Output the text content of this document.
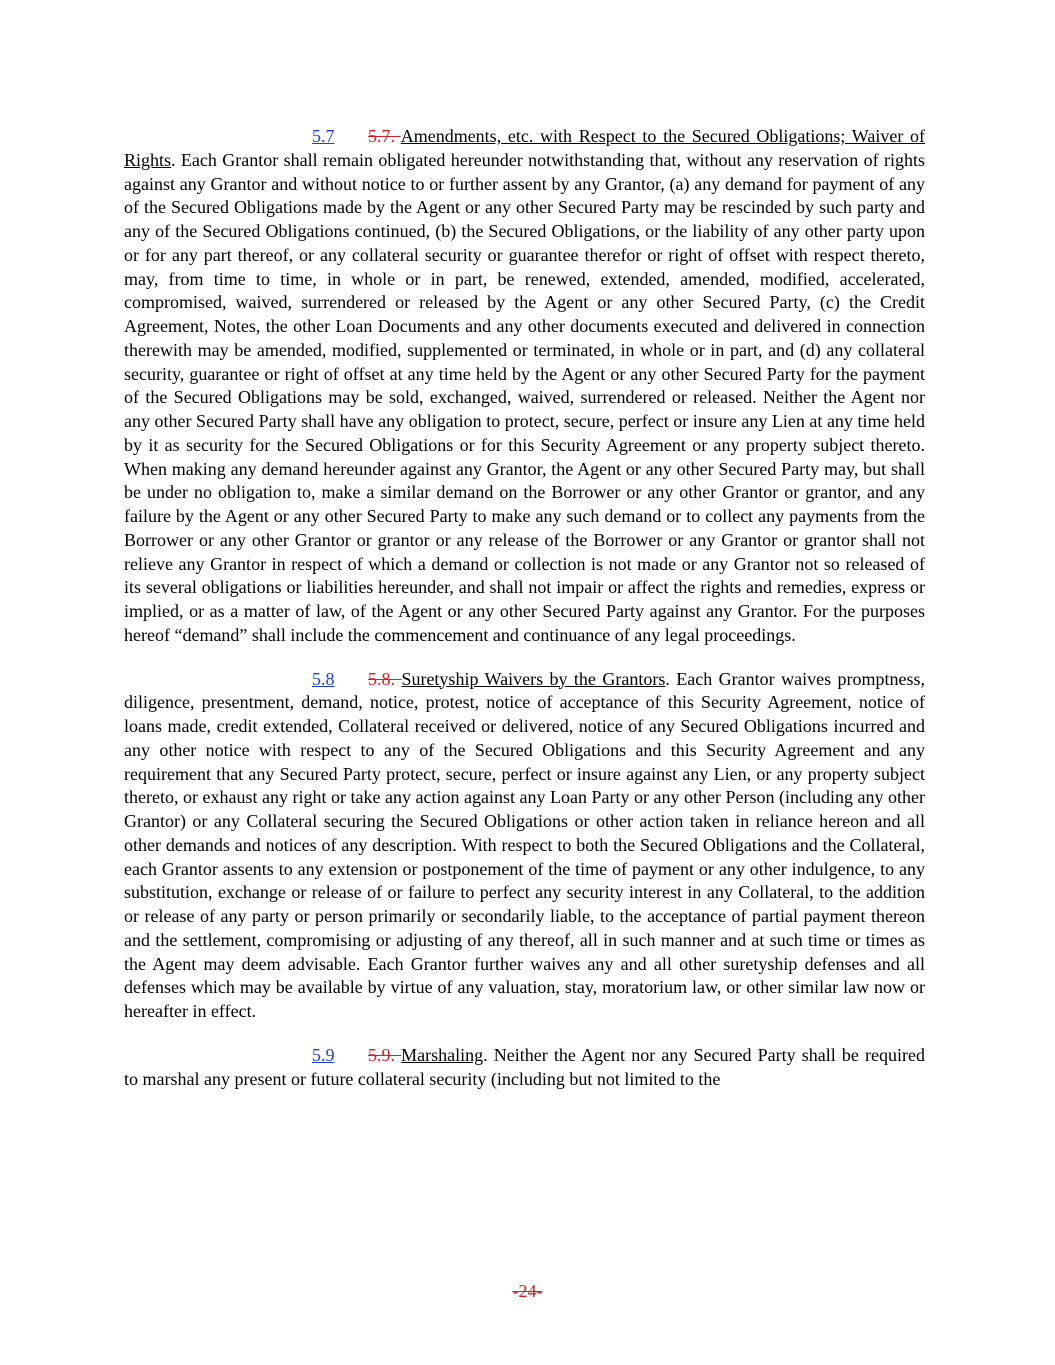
5.7 5.7. Amendments, etc. with Respect to the Secured Obligations; Waiver of Rights. Each Grantor shall remain obligated hereunder notwithstanding that, without any reservation of rights against any Grantor and without notice to or further assent by any Grantor, (a) any demand for payment of any of the Secured Obligations made by the Agent or any other Secured Party may be rescinded by such party and any of the Secured Obligations continued, (b) the Secured Obligations, or the liability of any other party upon or for any part thereof, or any collateral security or guarantee therefor or right of offset with respect thereto, may, from time to time, in whole or in part, be renewed, extended, amended, modified, accelerated, compromised, waived, surrendered or released by the Agent or any other Secured Party, (c) the Credit Agreement, Notes, the other Loan Documents and any other documents executed and delivered in connection therewith may be amended, modified, supplemented or terminated, in whole or in part, and (d) any collateral security, guarantee or right of offset at any time held by the Agent or any other Secured Party for the payment of the Secured Obligations may be sold, exchanged, waived, surrendered or released. Neither the Agent nor any other Secured Party shall have any obligation to protect, secure, perfect or insure any Lien at any time held by it as security for the Secured Obligations or for this Security Agreement or any property subject thereto. When making any demand hereunder against any Grantor, the Agent or any other Secured Party may, but shall be under no obligation to, make a similar demand on the Borrower or any other Grantor or grantor, and any failure by the Agent or any other Secured Party to make any such demand or to collect any payments from the Borrower or any other Grantor or grantor or any release of the Borrower or any Grantor or grantor shall not relieve any Grantor in respect of which a demand or collection is not made or any Grantor not so released of its several obligations or liabilities hereunder, and shall not impair or affect the rights and remedies, express or implied, or as a matter of law, of the Agent or any other Secured Party against any Grantor. For the purposes hereof “demand” shall include the commencement and continuance of any legal proceedings.

5.8 5.8. Suretyship Waivers by the Grantors. Each Grantor waives promptness, diligence, presentment, demand, notice, protest, notice of acceptance of this Security Agreement, notice of loans made, credit extended, Collateral received or delivered, notice of any Secured Obligations incurred and any other notice with respect to any of the Secured Obligations and this Security Agreement and any requirement that any Secured Party protect, secure, perfect or insure against any Lien, or any property subject thereto, or exhaust any right or take any action against any Loan Party or any other Person (including any other Grantor) or any Collateral securing the Secured Obligations or other action taken in reliance hereon and all other demands and notices of any description. With respect to both the Secured Obligations and the Collateral, each Grantor assents to any extension or postponement of the time of payment or any other indulgence, to any substitution, exchange or release of or failure to perfect any security interest in any Collateral, to the addition or release of any party or person primarily or secondarily liable, to the acceptance of partial payment thereon and the settlement, compromising or adjusting of any thereof, all in such manner and at such time or times as the Agent may deem advisable. Each Grantor further waives any and all other suretyship defenses and all defenses which may be available by virtue of any valuation, stay, moratorium law, or other similar law now or hereafter in effect.

5.9 5.9. Marshaling. Neither the Agent nor any Secured Party shall be required to marshal any present or future collateral security (including but not limited to the

-24-
